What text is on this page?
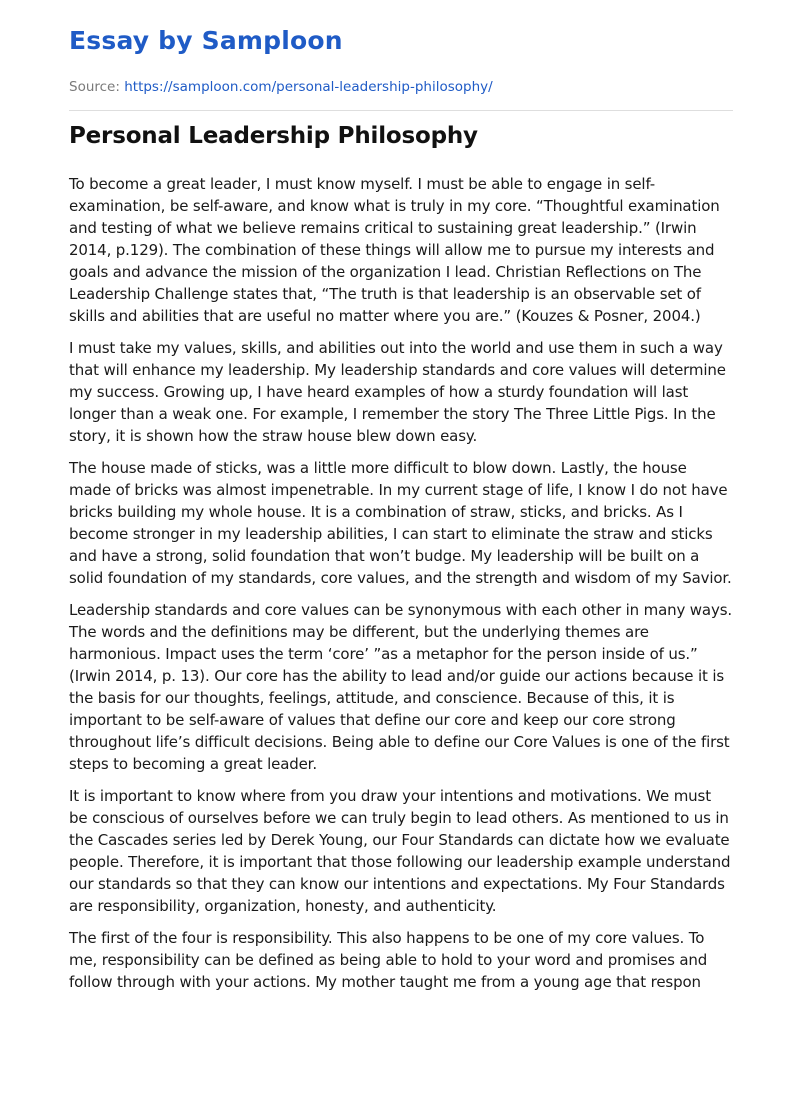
Essay by Samploon
Source: https://samploon.com/personal-leadership-philosophy/
Personal Leadership Philosophy

To become a great leader, I must know myself. I must be able to engage in self-examination, be self-aware, and know what is truly in my core. “Thoughtful examination and testing of what we believe remains critical to sustaining great leadership.” (Irwin 2014, p.129). The combination of these things will allow me to pursue my interests and goals and advance the mission of the organization I lead. Christian Reflections on The Leadership Challenge states that, “The truth is that leadership is an observable set of skills and abilities that are useful no matter where you are.” (Kouzes & Posner, 2004.)

I must take my values, skills, and abilities out into the world and use them in such a way that will enhance my leadership. My leadership standards and core values will determine my success. Growing up, I have heard examples of how a sturdy foundation will last longer than a weak one. For example, I remember the story The Three Little Pigs. In the story, it is shown how the straw house blew down easy.

The house made of sticks, was a little more difficult to blow down. Lastly, the house made of bricks was almost impenetrable. In my current stage of life, I know I do not have bricks building my whole house. It is a combination of straw, sticks, and bricks. As I become stronger in my leadership abilities, I can start to eliminate the straw and sticks and have a strong, solid foundation that won’t budge. My leadership will be built on a solid foundation of my standards, core values, and the strength and wisdom of my Savior.

Leadership standards and core values can be synonymous with each other in many ways. The words and the definitions may be different, but the underlying themes are harmonious. Impact uses the term ‘core’ ”as a metaphor for the person inside of us.” (Irwin 2014, p. 13). Our core has the ability to lead and/or guide our actions because it is the basis for our thoughts, feelings, attitude, and conscience. Because of this, it is important to be self-aware of values that define our core and keep our core strong throughout life’s difficult decisions. Being able to define our Core Values is one of the first steps to becoming a great leader.

It is important to know where from you draw your intentions and motivations. We must be conscious of ourselves before we can truly begin to lead others. As mentioned to us in the Cascades series led by Derek Young, our Four Standards can dictate how we evaluate people. Therefore, it is important that those following our leadership example understand our standards so that they can know our intentions and expectations. My Four Standards are responsibility, organization, honesty, and authenticity.

The first of the four is responsibility. This also happens to be one of my core values. To me, responsibility can be defined as being able to hold to your word and promises and follow through with your actions. My mother taught me from a young age that respon
